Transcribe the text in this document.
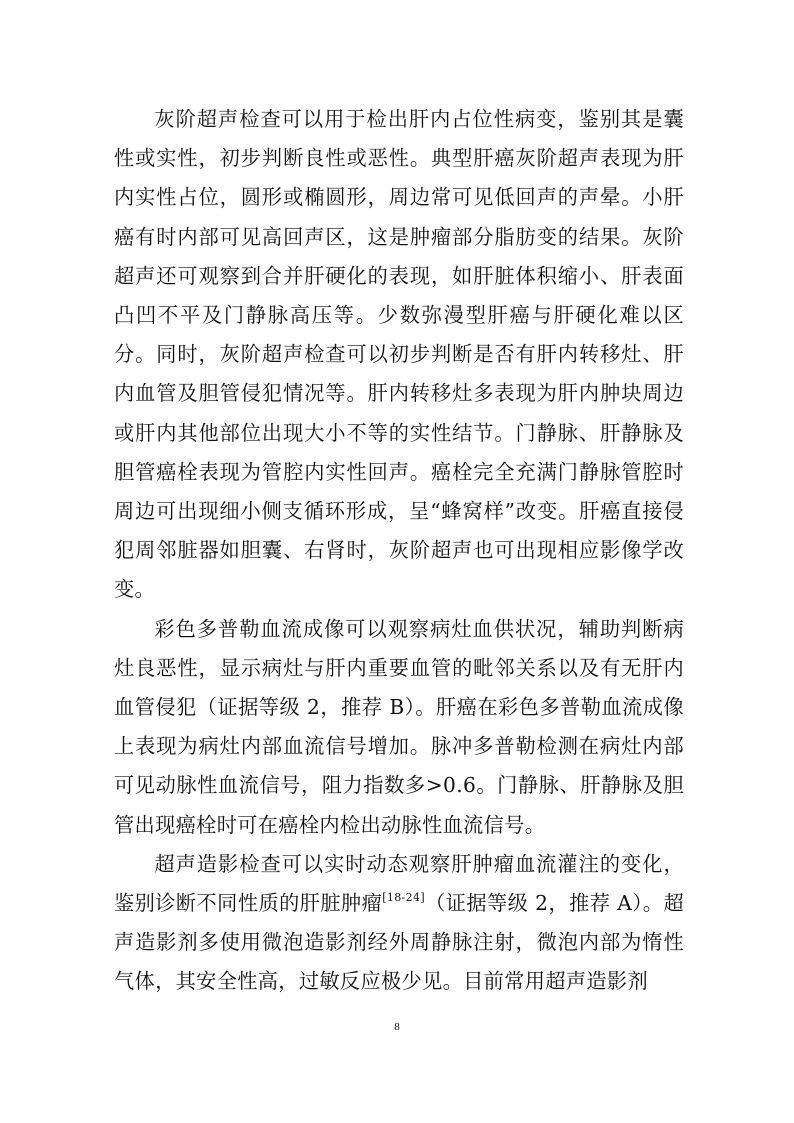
灰阶超声检查可以用于检出肝内占位性病变，鉴别其是囊性或实性，初步判断良性或恶性。典型肝癌灰阶超声表现为肝内实性占位，圆形或椭圆形，周边常可见低回声的声晕。小肝癌有时内部可见高回声区，这是肿瘤部分脂肪变的结果。灰阶超声还可观察到合并肝硬化的表现，如肝脏体积缩小、肝表面凸凹不平及门静脉高压等。少数弥漫型肝癌与肝硬化难以区分。同时，灰阶超声检查可以初步判断是否有肝内转移灶、肝内血管及胆管侵犯情况等。肝内转移灶多表现为肝内肿块周边或肝内其他部位出现大小不等的实性结节。门静脉、肝静脉及胆管癌栓表现为管腔内实性回声。癌栓完全充满门静脉管腔时周边可出现细小侧支循环形成，呈“蜂窝样”改变。肝癌直接侵犯周邻脏器如胆囊、右肾时，灰阶超声也可出现相应影像学改变。

彩色多普勒血流成像可以观察病灶血供状况，辅助判断病灶良恶性，显示病灶与肝内重要血管的毗邻关系以及有无肝内血管侵犯（证据等级 2，推荐 B）。肝癌在彩色多普勒血流成像上表现为病灶内部血流信号增加。脉冲多普勒检测在病灶内部可见动脉性血流信号，阻力指数多>0.6。门静脉、肝静脉及胆管出现癌栓时可在癌栓内检出动脉性血流信号。

超声造影检查可以实时动态观察肝肿瘤血流灌注的变化，鉴别诊断不同性质的肝脏肿瘤[18-24]（证据等级 2，推荐 A）。超声造影剂多使用微泡造影剂经外周静脉注射，微泡内部为惰性气体，其安全性高，过敏反应极少见。目前常用超声造影剂

8
